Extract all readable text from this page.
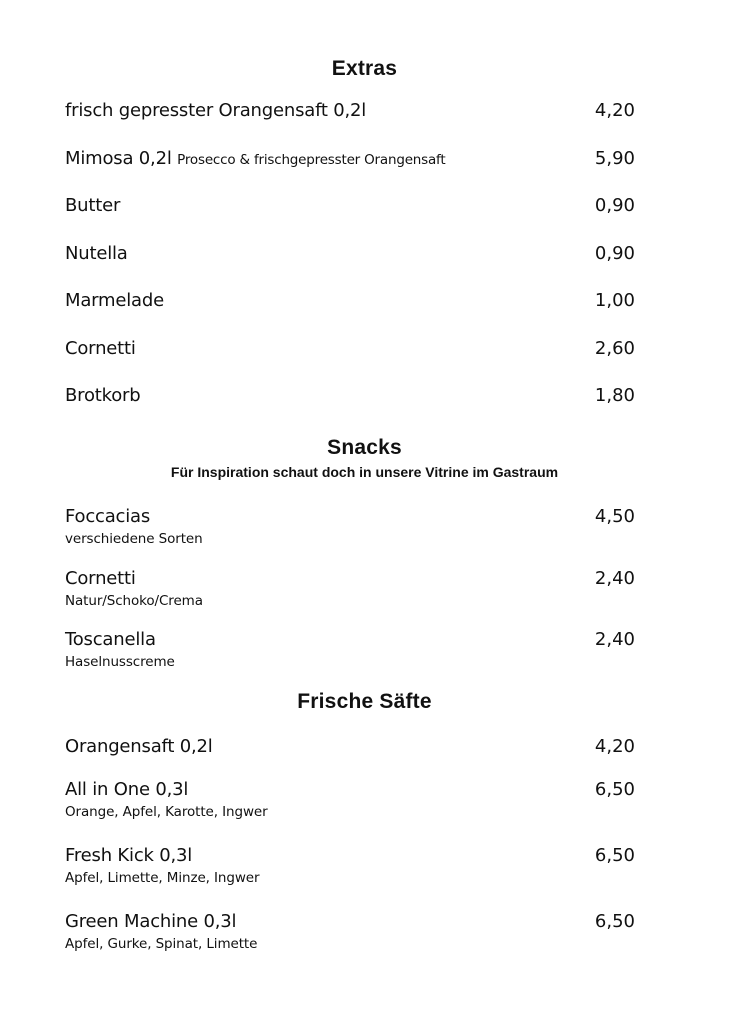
Extras
frisch gepresster Orangensaft 0,2l	4,20
Mimosa 0,2l Prosecco & frischgepresster Orangensaft	5,90
Butter	0,90
Nutella	0,90
Marmelade	1,00
Cornetti	2,60
Brotkorb	1,80
Snacks
Für Inspiration schaut doch in unsere Vitrine im Gastraum
Foccacias	4,50
verschiedene Sorten
Cornetti	2,40
Natur/Schoko/Crema
Toscanella	2,40
Haselnusscreme
Frische Säfte
Orangensaft 0,2l	4,20
All in One 0,3l	6,50
Orange, Apfel, Karotte, Ingwer
Fresh Kick 0,3l	6,50
Apfel, Limette, Minze, Ingwer
Green Machine 0,3l	6,50
Apfel, Gurke, Spinat, Limette
